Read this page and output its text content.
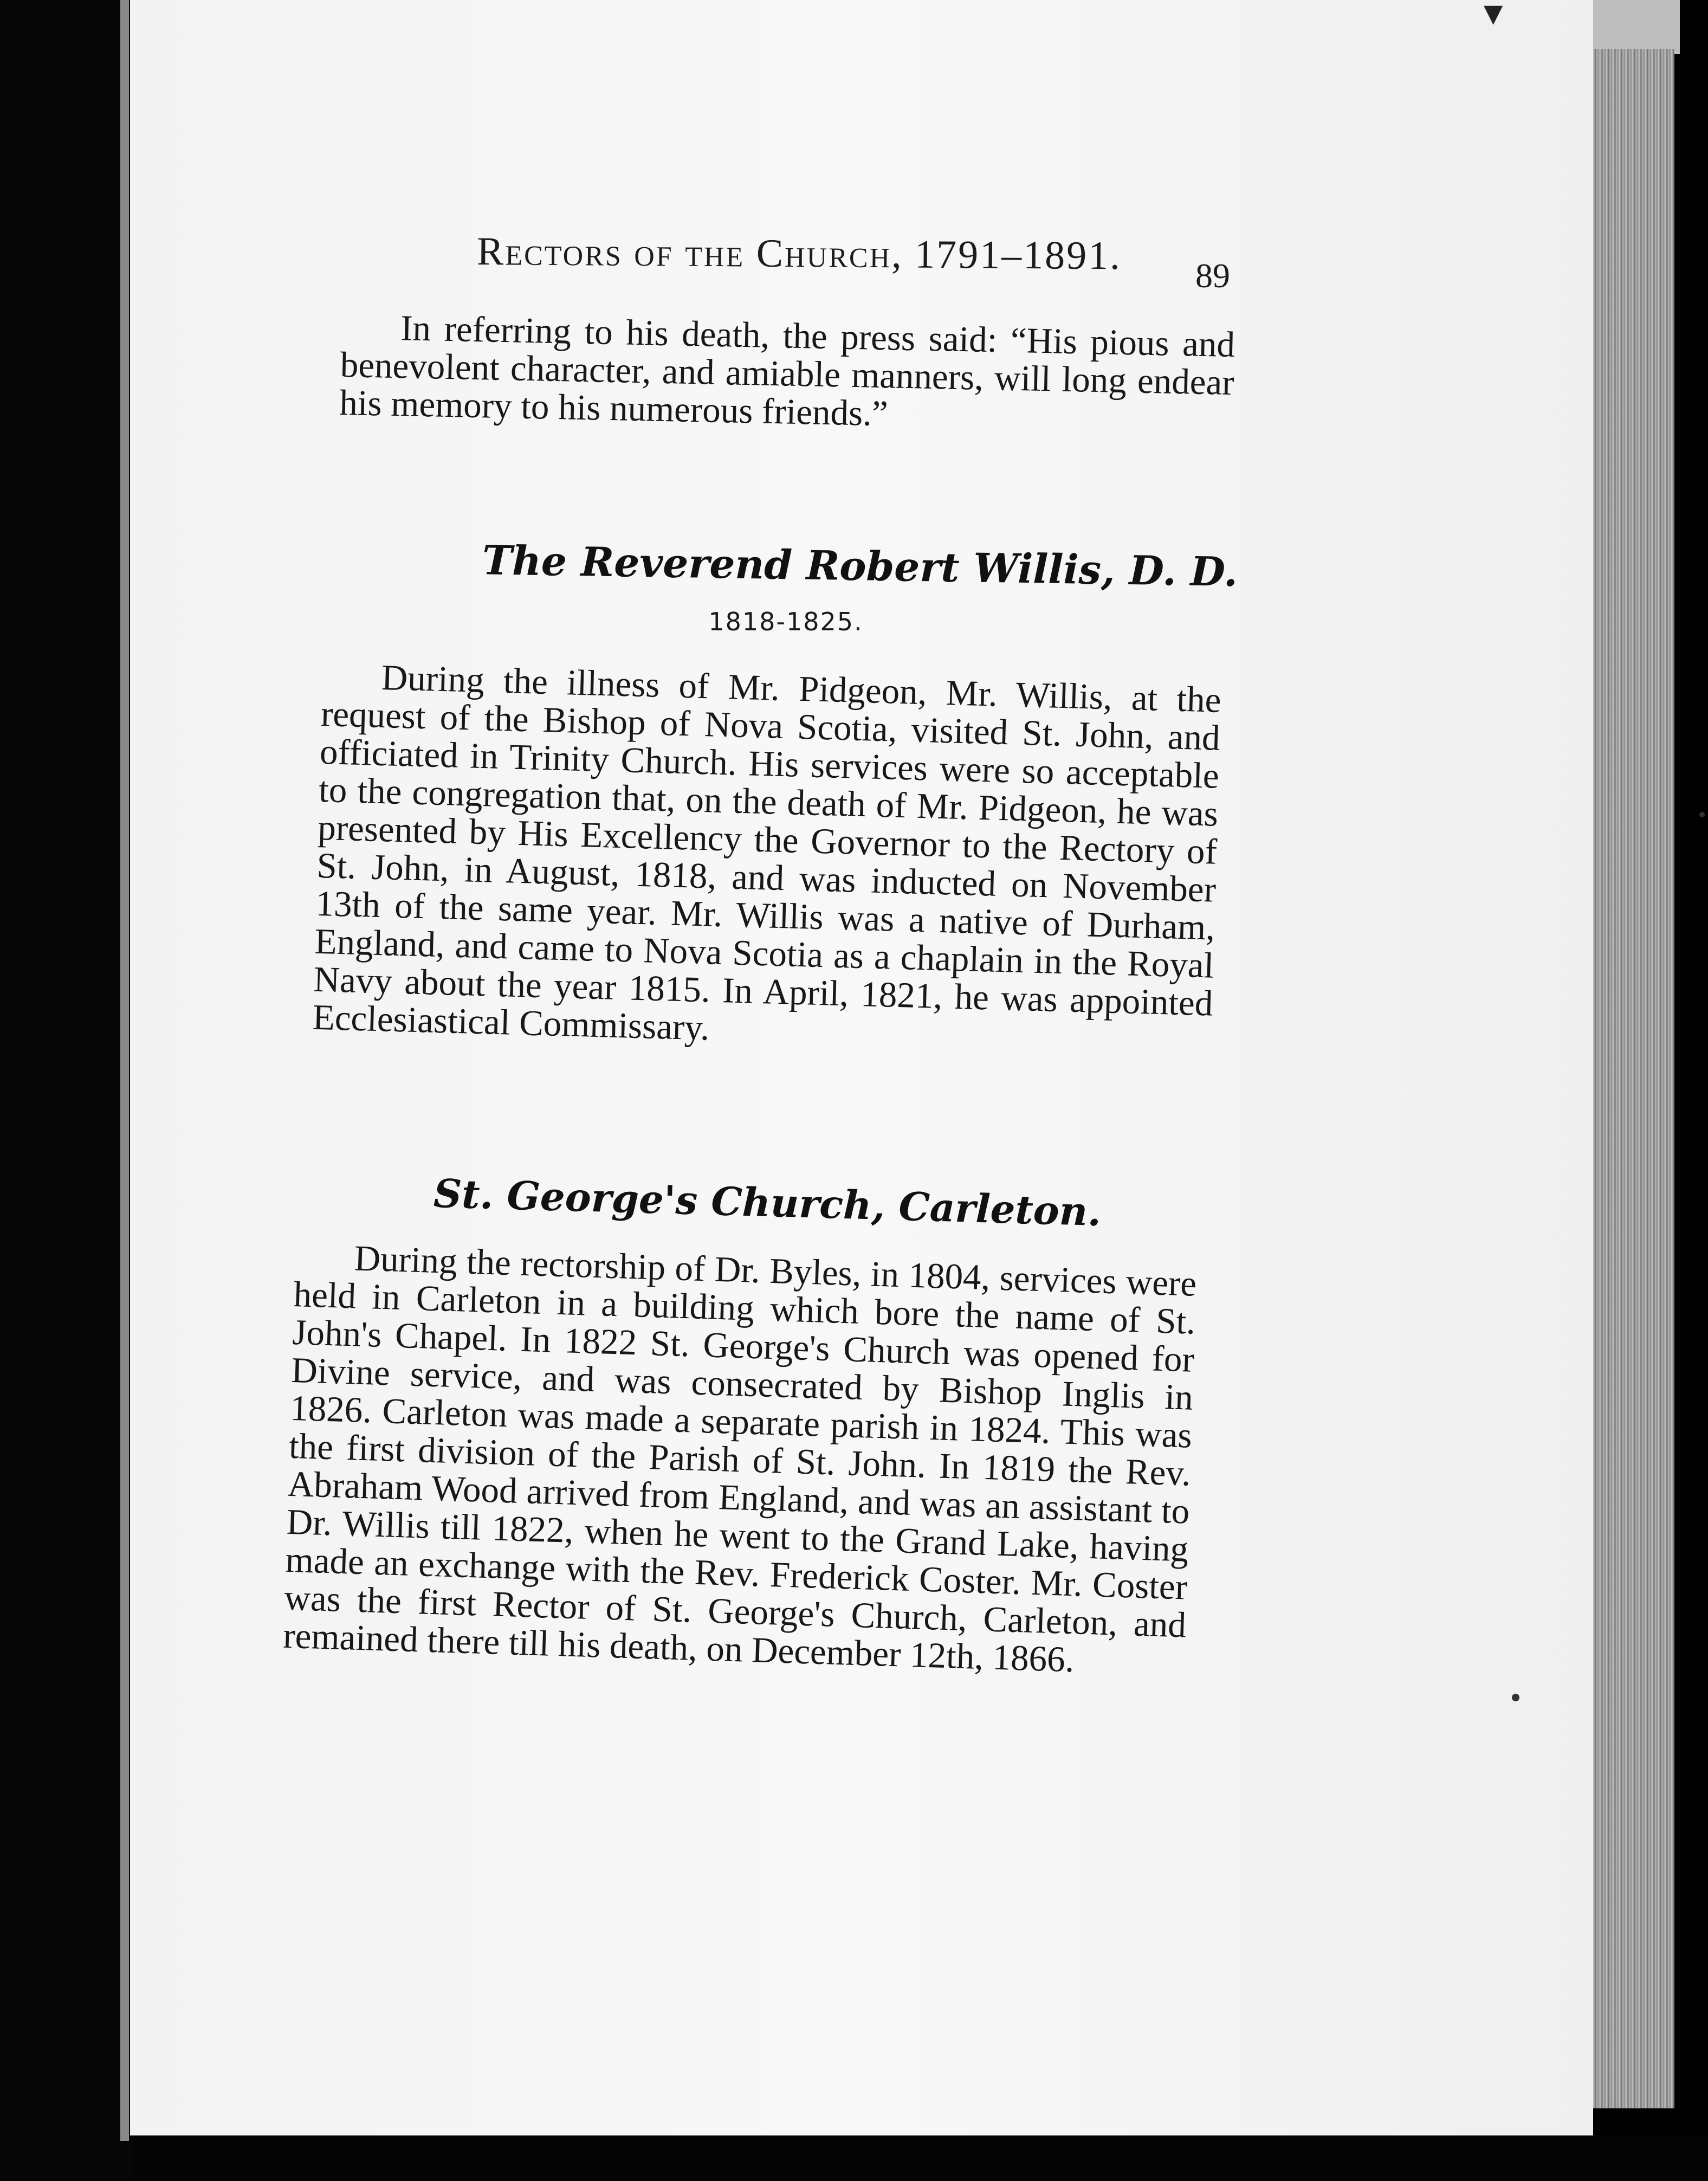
▼
Rectors of the Church, 1791–1891.	89

In referring to his death, the press said: “His pious and benevolent character, and amiable manners, will long endear his memory to his numerous friends.”

The Reverend Robert Willis, D. D.
1818-1825.

During the illness of Mr. Pidgeon, Mr. Willis, at the request of the Bishop of Nova Scotia, visited St. John, and officiated in Trinity Church. His services were so acceptable to the congregation that, on the death of Mr. Pidgeon, he was presented by His Excellency the Governor to the Rectory of St. John, in August, 1818, and was inducted on November 13th of the same year. Mr. Willis was a native of Durham, England, and came to Nova Scotia as a chaplain in the Royal Navy about the year 1815. In April, 1821, he was appointed Ecclesiastical Commissary.

St. George's Church, Carleton.

During the rectorship of Dr. Byles, in 1804, services were held in Carleton in a building which bore the name of St. John's Chapel. In 1822 St. George's Church was opened for Divine service, and was consecrated by Bishop Inglis in 1826. Carleton was made a separate parish in 1824. This was the first division of the Parish of St. John. In 1819 the Rev. Abraham Wood arrived from England, and was an assistant to Dr. Willis till 1822, when he went to the Grand Lake, having made an exchange with the Rev. Frederick Coster. Mr. Coster was the first Rector of St. George's Church, Carleton, and remained there till his death, on December 12th, 1866.
